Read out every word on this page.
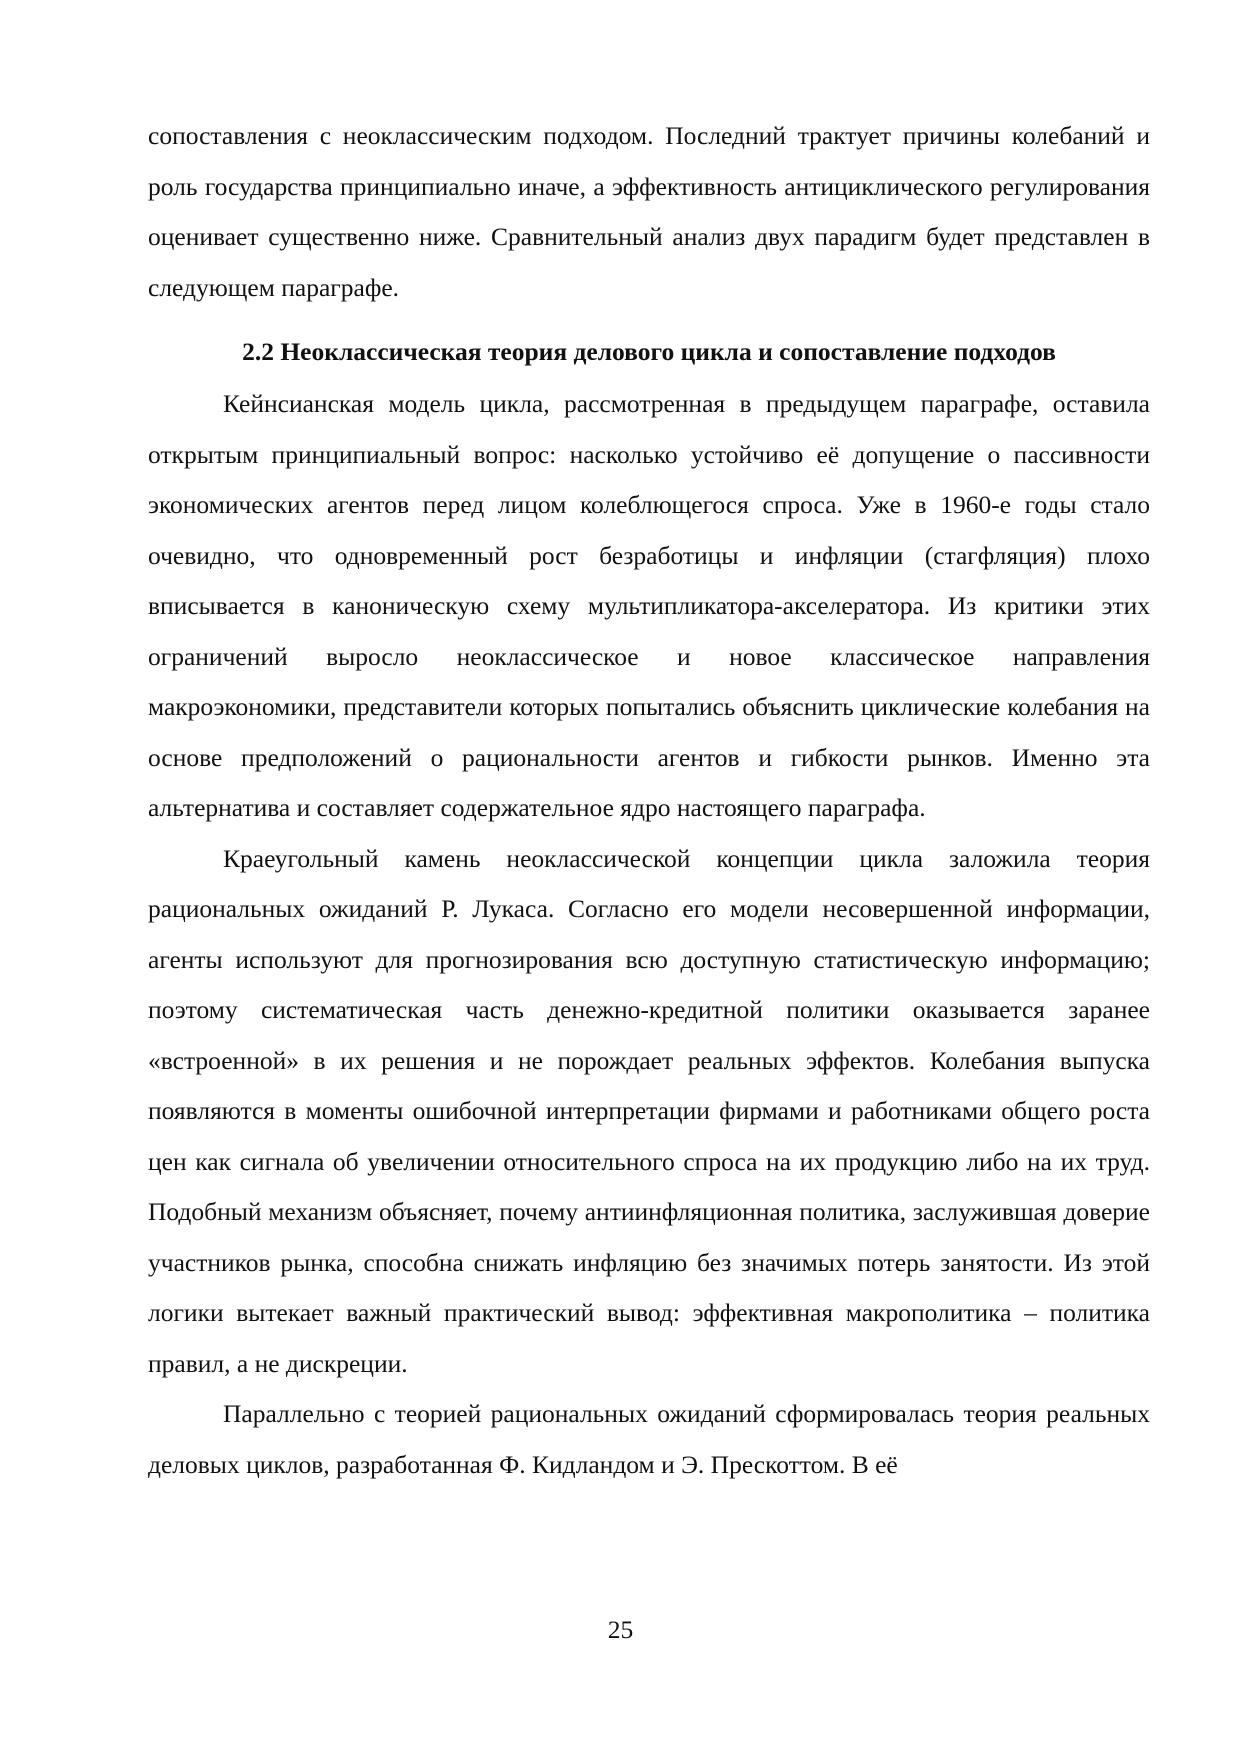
сопоставления с неоклассическим подходом. Последний трактует причины колебаний и роль государства принципиально иначе, а эффективность антициклического регулирования оценивает существенно ниже. Сравнительный анализ двух парадигм будет представлен в следующем параграфе.

2.2 Неоклассическая теория делового цикла и сопоставление подходов

Кейнсианская модель цикла, рассмотренная в предыдущем параграфе, оставила открытым принципиальный вопрос: насколько устойчиво её допущение о пассивности экономических агентов перед лицом колеблющегося спроса. Уже в 1960-е годы стало очевидно, что одновременный рост безработицы и инфляции (стагфляция) плохо вписывается в каноническую схему мультипликатора-акселератора. Из критики этих ограничений выросло неоклассическое и новое классическое направления макроэкономики, представители которых попытались объяснить циклические колебания на основе предположений о рациональности агентов и гибкости рынков. Именно эта альтернатива и составляет содержательное ядро настоящего параграфа.

Краеугольный камень неоклассической концепции цикла заложила теория рациональных ожиданий Р. Лукаса. Согласно его модели несовершенной информации, агенты используют для прогнозирования всю доступную статистическую информацию; поэтому систематическая часть денежно-кредитной политики оказывается заранее «встроенной» в их решения и не порождает реальных эффектов. Колебания выпуска появляются в моменты ошибочной интерпретации фирмами и работниками общего роста цен как сигнала об увеличении относительного спроса на их продукцию либо на их труд. Подобный механизм объясняет, почему антиинфляционная политика, заслужившая доверие участников рынка, способна снижать инфляцию без значимых потерь занятости. Из этой логики вытекает важный практический вывод: эффективная макрополитика – политика правил, а не дискреции.

Параллельно с теорией рациональных ожиданий сформировалась теория реальных деловых циклов, разработанная Ф. Кидландом и Э. Прескоттом. В её

25
